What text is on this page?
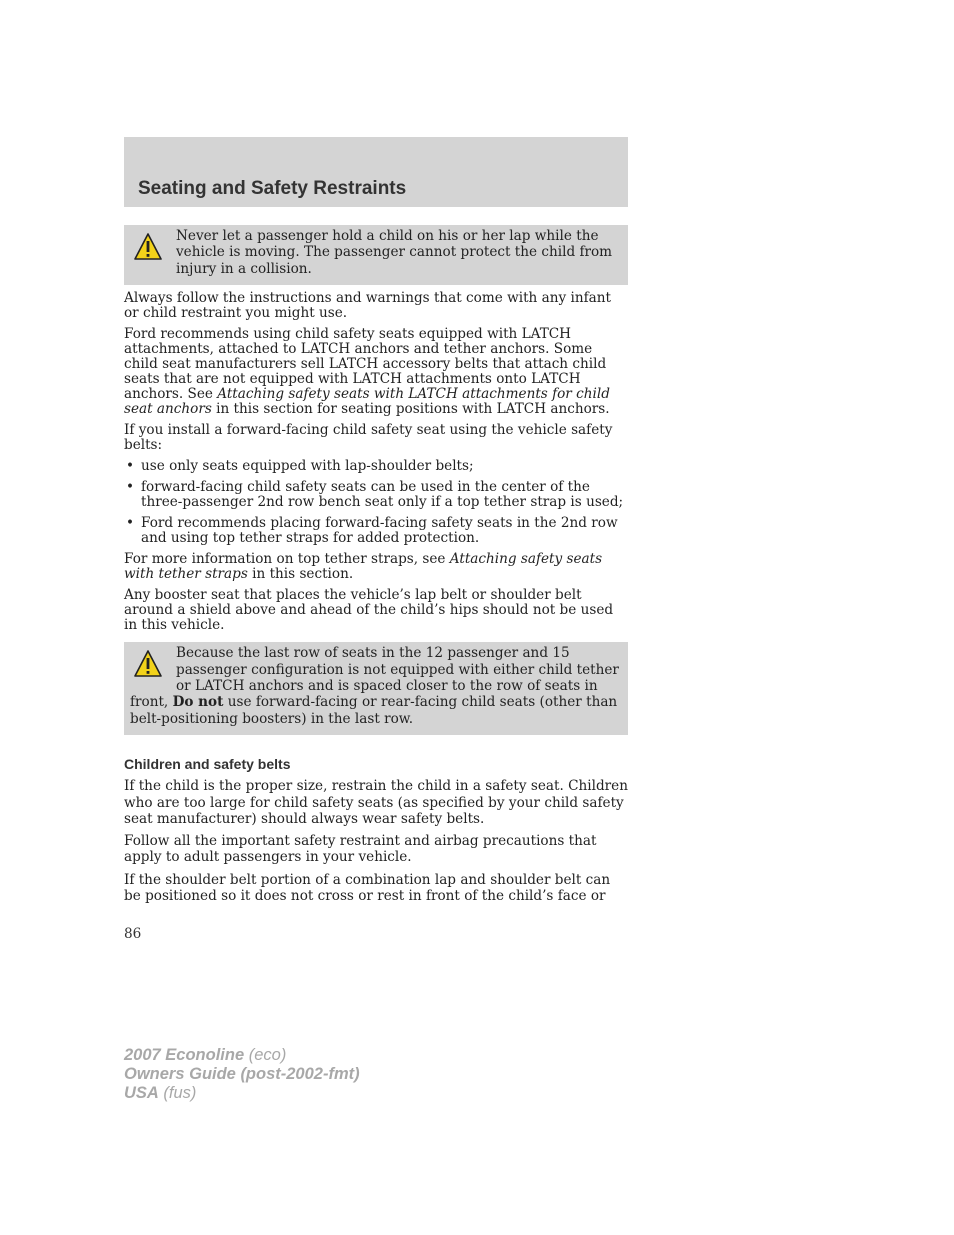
Seating and Safety Restraints

Never let a passenger hold a child on his or her lap while the vehicle is moving. The passenger cannot protect the child from injury in a collision.

Always follow the instructions and warnings that come with any infant or child restraint you might use.

Ford recommends using child safety seats equipped with LATCH attachments, attached to LATCH anchors and tether anchors. Some child seat manufacturers sell LATCH accessory belts that attach child seats that are not equipped with LATCH attachments onto LATCH anchors. See Attaching safety seats with LATCH attachments for child seat anchors in this section for seating positions with LATCH anchors.

If you install a forward-facing child safety seat using the vehicle safety belts:

• use only seats equipped with lap-shoulder belts;
• forward-facing child safety seats can be used in the center of the three-passenger 2nd row bench seat only if a top tether strap is used;
• Ford recommends placing forward-facing safety seats in the 2nd row and using top tether straps for added protection.

For more information on top tether straps, see Attaching safety seats with tether straps in this section.

Any booster seat that places the vehicle’s lap belt or shoulder belt around a shield above and ahead of the child’s hips should not be used in this vehicle.

Because the last row of seats in the 12 passenger and 15 passenger configuration is not equipped with either child tether or LATCH anchors and is spaced closer to the row of seats in front, Do not use forward-facing or rear-facing child seats (other than belt-positioning boosters) in the last row.

Children and safety belts

If the child is the proper size, restrain the child in a safety seat. Children who are too large for child safety seats (as specified by your child safety seat manufacturer) should always wear safety belts.

Follow all the important safety restraint and airbag precautions that apply to adult passengers in your vehicle.

If the shoulder belt portion of a combination lap and shoulder belt can be positioned so it does not cross or rest in front of the child’s face or

86
2007 Econoline (eco)
Owners Guide (post-2002-fmt)
USA (fus)
